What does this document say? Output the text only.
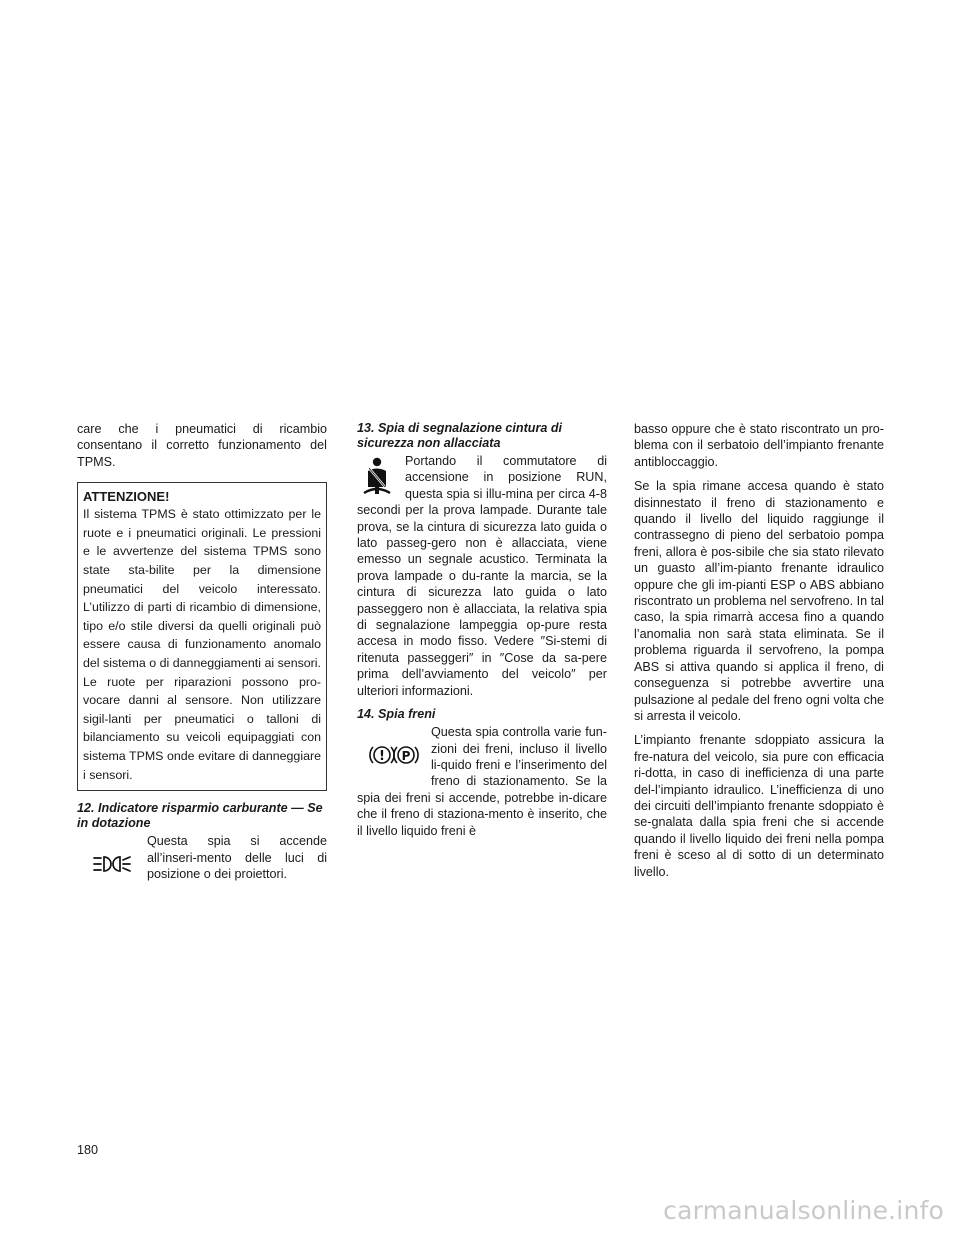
care che i pneumatici di ricambio consentano il corretto funzionamento del TPMS.

ATTENZIONE!
Il sistema TPMS è stato ottimizzato per le ruote e i pneumatici originali. Le pressioni e le avvertenze del sistema TPMS sono state sta-bilite per la dimensione pneumatici del veicolo interessato. L’utilizzo di parti di ricambio di dimensione, tipo e/o stile diversi da quelli originali può essere causa di funzionamento anomalo del sistema o di danneggiamenti ai sensori. Le ruote per riparazioni possono pro-vocare danni al sensore. Non utilizzare sigil-lanti per pneumatici o talloni di bilanciamento su veicoli equipaggiati con sistema TPMS onde evitare di danneggiare i sensori.
12. Indicatore risparmio carburante — Se in dotazione

Questa spia si accende all’inseri-mento delle luci di posizione o dei proiettori.

13. Spia di segnalazione cintura di sicurezza non allacciata

Portando il commutatore di accensione in posizione RUN, questa spia si illu-mina per circa 4-8 secondi per la prova lampade. Durante tale prova, se la cintura di sicurezza lato guida o lato passeg-gero non è allacciata, viene emesso un segnale acustico. Terminata la prova lampade o du-rante la marcia, se la cintura di sicurezza lato guida o lato passeggero non è allacciata, la relativa spia di segnalazione lampeggia op-pure resta accesa in modo fisso. Vedere ″Si-stemi di ritenuta passeggeri″ in ″Cose da sa-pere prima dell’avviamento del veicolo″ per ulteriori informazioni.

14. Spia freni
! P

Questa spia controlla varie fun-zioni dei freni, incluso il livello li-quido freni e l’inserimento del freno di stazionamento. Se la spia dei freni si accende, potrebbe in-dicare che il freno di staziona-mento è inserito, che il livello liquido freni è

basso oppure che è stato riscontrato un pro-blema con il serbatoio dell’impianto frenante antibloccaggio.

Se la spia rimane accesa quando è stato disinnestato il freno di stazionamento e quando il livello del liquido raggiunge il contrassegno di pieno del serbatoio pompa freni, allora è pos-sibile che sia stato rilevato un guasto all’im-pianto frenante idraulico oppure che gli im-pianti ESP o ABS abbiano riscontrato un problema nel servofreno. In tal caso, la spia rimarrà accesa fino a quando l’anomalia non sarà stata eliminata. Se il problema riguarda il servofreno, la pompa ABS si attiva quando si applica il freno, di conseguenza si potrebbe avvertire una pulsazione al pedale del freno ogni volta che si arresta il veicolo.

L’impianto frenante sdoppiato assicura la fre-natura del veicolo, sia pure con efficacia ri-dotta, in caso di inefficienza di una parte del-l’impianto idraulico. L’inefficienza di uno dei circuiti dell’impianto frenante sdoppiato è se-gnalata dalla spia freni che si accende quando il livello liquido dei freni nella pompa freni è sceso al di sotto di un determinato livello.

180
carmanualsonline.info
